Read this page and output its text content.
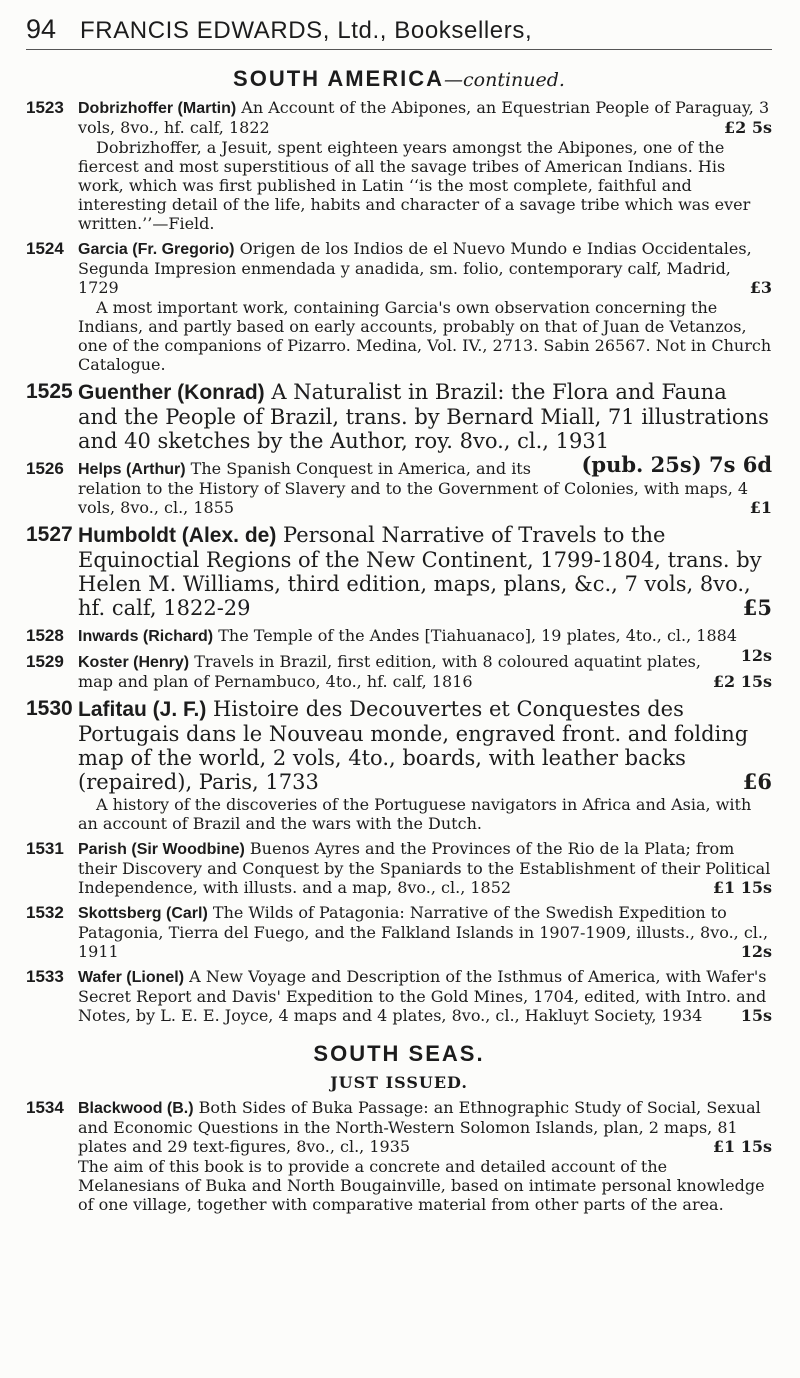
94 FRANCIS EDWARDS, Ltd., Booksellers,
SOUTH AMERICA—continued.
1523 Dobrizhoffer (Martin) An Account of the Abipones, an Equestrian People of Paraguay, 3 vols, 8vo., hf. calf, 1822	£2 5s
Dobrizhoffer, a Jesuit, spent eighteen years amongst the Abipones, one of the fiercest and most superstitious of all the savage tribes of American Indians. His work, which was first published in Latin ‘‘is the most complete, faithful and interesting detail of the life, habits and character of a savage tribe which was ever written.’’—Field.
1524 Garcia (Fr. Gregorio) Origen de los Indios de el Nuevo Mundo e Indias Occidentales, Segunda Impresion enmendada y anadida, sm. folio, contemporary calf, Madrid, 1729	£3
A most important work, containing Garcia's own observation concerning the Indians, and partly based on early accounts, probably on that of Juan de Vetanzos, one of the companions of Pizarro. Medina, Vol. IV., 2713. Sabin 26567. Not in Church Catalogue.
1525 Guenther (Konrad) A Naturalist in Brazil: the Flora and Fauna and the People of Brazil, trans. by Bernard Miall, 71 illustrations and 40 sketches by the Author, roy. 8vo., cl., 1931
(pub. 25s) 7s 6d
1526 Helps (Arthur) The Spanish Conquest in America, and its relation to the History of Slavery and to the Government of Colonies, with maps, 4 vols, 8vo., cl., 1855	£1
1527 Humboldt (Alex. de) Personal Narrative of Travels to the Equinoctial Regions of the New Continent, 1799-1804, trans. by Helen M. Williams, third edition, maps, plans, &c., 7 vols, 8vo., hf. calf, 1822-29	£5
1528 Inwards (Richard) The Temple of the Andes [Tiahuanaco], 19 plates, 4to., cl., 1884
12s
1529 Koster (Henry) Travels in Brazil, first edition, with 8 coloured aquatint plates, map and plan of Pernambuco, 4to., hf. calf, 1816	£2 15s
1530 Lafitau (J. F.) Histoire des Decouvertes et Conquestes des Portugais dans le Nouveau monde, engraved front. and folding map of the world, 2 vols, 4to., boards, with leather backs (repaired), Paris, 1733	£6
A history of the discoveries of the Portuguese navigators in Africa and Asia, with an account of Brazil and the wars with the Dutch.
1531 Parish (Sir Woodbine) Buenos Ayres and the Provinces of the Rio de la Plata; from their Discovery and Conquest by the Spaniards to the Establishment of their Political Independence, with illusts. and a map, 8vo., cl., 1852	£1 15s
1532 Skottsberg (Carl) The Wilds of Patagonia: Narrative of the Swedish Expedition to Patagonia, Tierra del Fuego, and the Falkland Islands in 1907-1909, illusts., 8vo., cl., 1911	12s
1533 Wafer (Lionel) A New Voyage and Description of the Isthmus of America, with Wafer's Secret Report and Davis' Expedition to the Gold Mines, 1704, edited, with Intro. and Notes, by L. E. E. Joyce, 4 maps and 4 plates, 8vo., cl., Hakluyt Society, 1934 15s
SOUTH SEAS.
JUST ISSUED.
1534 Blackwood (B.) Both Sides of Buka Passage: an Ethnographic Study of Social, Sexual and Economic Questions in the North-Western Solomon Islands, plan, 2 maps, 81 plates and 29 text-figures, 8vo., cl., 1935	£1 15s
The aim of this book is to provide a concrete and detailed account of the Melanesians of Buka and North Bougainville, based on intimate personal knowledge of one village, together with comparative material from other parts of the area.
